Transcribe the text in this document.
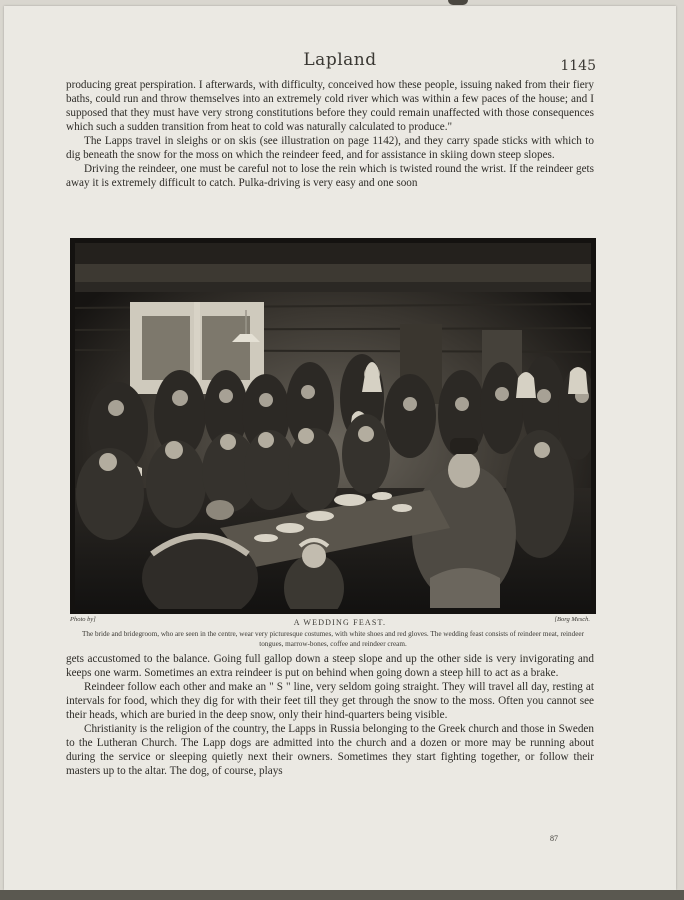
Lapland	1145

producing great perspiration. I afterwards, with difficulty, conceived how these people, issuing naked from their fiery baths, could run and throw themselves into an extremely cold river which was within a few paces of the house; and I supposed that they must have very strong constitutions before they could remain unaffected with those consequences which such a sudden transition from heat to cold was naturally calculated to produce."

The Lapps travel in sleighs or on skis (see illustration on page 1142), and they carry spade sticks with which to dig beneath the snow for the moss on which the reindeer feed, and for assistance in skiing down steep slopes.

Driving the reindeer, one must be careful not to lose the rein which is twisted round the wrist. If the reindeer gets away it is extremely difficult to catch. Pulka-driving is very easy and one soon

Photo by]	[Borg Mesch.
A WEDDING FEAST.
The bride and bridegroom, who are seen in the centre, wear very picturesque costumes, with white shoes and red gloves. The wedding feast consists of reindeer meat, reindeer tongues, marrow-bones, coffee and reindeer cream.

gets accustomed to the balance. Going full gallop down a steep slope and up the other side is very invigorating and keeps one warm. Sometimes an extra reindeer is put on behind when going down a steep hill to act as a brake.

Reindeer follow each other and make an " S " line, very seldom going straight. They will travel all day, resting at intervals for food, which they dig for with their feet till they get through the snow to the moss. Often you cannot see their heads, which are buried in the deep snow, only their hind-quarters being visible.

Christianity is the religion of the country, the Lapps in Russia belonging to the Greek church and those in Sweden to the Lutheran Church. The Lapp dogs are admitted into the church and a dozen or more may be running about during the service or sleeping quietly next their owners. Sometimes they start fighting together, or follow their masters up to the altar. The dog, of course, plays

87
